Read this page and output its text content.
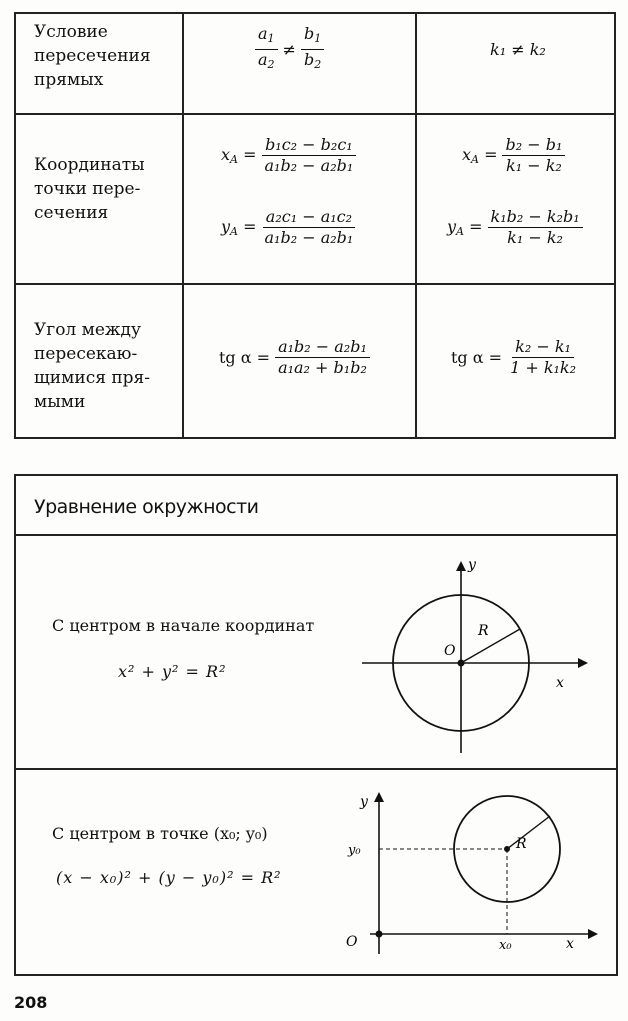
Условие
пересечения
прямых
$\frac{a_1}{a_2} \ne \frac{b_1}{b_2}$	k₁ ≠ k₂
Координаты
точки пере-
сечения
$x_A = \frac{\text{b₁c₂ − b₂c₁}}{\text{a₁b₂ − a₂b₁}}$
$y_A = \frac{\text{a₂c₁ − a₁c₂}}{\text{a₁b₂ − a₂b₁}}$
$x_A = \frac{\text{b₂ − b₁}}{\text{k₁ − k₂}}$
$y_A = \frac{\text{k₁b₂ − k₂b₁}}{\text{k₁ − k₂}}$
Угол между
пересекаю-
щимися пря-
мыми
tg $\alpha = \frac{\text{a₁b₂ − a₂b₁}}{\text{a₁a₂ + b₁b₂}}$	tg $\alpha = \frac{\text{k₂ − k₁}}{\text{1 + k₁k₂}}$
Уравнение окружности
С центром в начале координат
x² + y² = R²
С центром в точке (x₀; y₀)
(x − x₀)² + (y − y₀)² = R²
y
x
O
R
y
x
O
R
x₀
y₀
208
